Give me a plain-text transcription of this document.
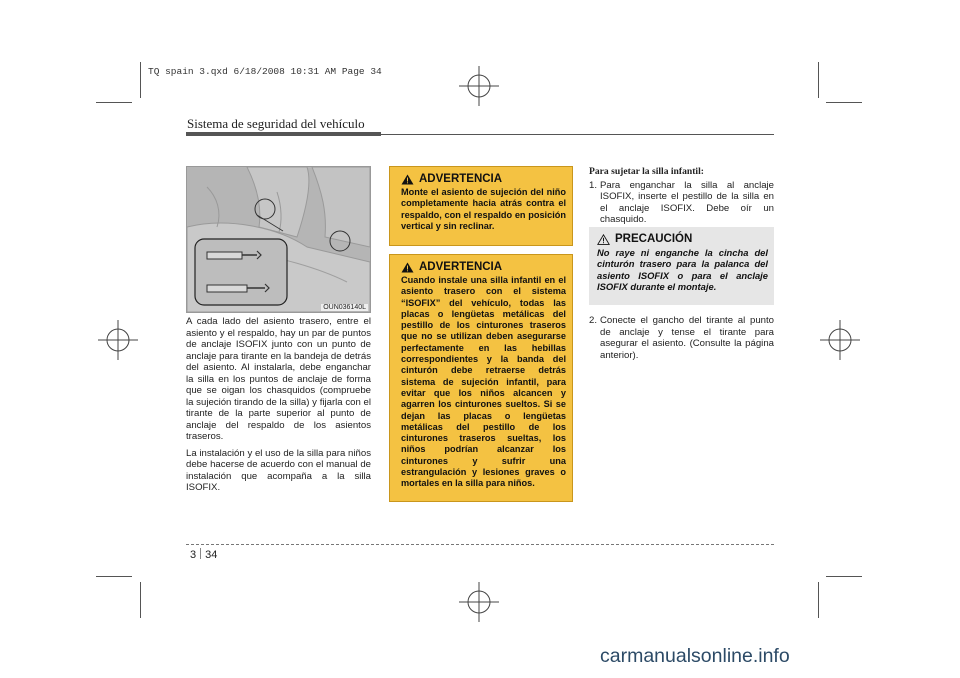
TQ spain 3.qxd 6/18/2008 10:31 AM Page 34
Sistema de seguridad del vehículo
OUN036140L

A cada lado del asiento trasero, entre el asiento y el respaldo, hay un par de puntos de anclaje ISOFIX junto con un punto de anclaje para tirante en la bandeja de detrás del asiento. Al instalarla, debe enganchar la silla en los puntos de anclaje de forma que se oigan los chasquidos (compruebe la sujeción tirando de la silla) y fijarla con el tirante de la parte superior al punto de anclaje del respaldo de los asientos traseros.

La instalación y el uso de la silla para niños debe hacerse de acuerdo con el manual de instalación que acompaña a la silla ISOFIX.

ADVERTENCIA
Monte el asiento de sujeción del niño completamente hacia atrás contra el respaldo, con el respaldo en posición vertical y sin reclinar.
ADVERTENCIA
Cuando instale una silla infantil en el asiento trasero con el sistema “ISOFIX” del vehículo, todas las placas o lengüetas metálicas del pestillo de los cinturones traseros que no se utilizan deben asegurarse perfectamente en las hebillas correspondientes y la banda del cinturón debe retraerse detrás sistema de sujeción infantil, para evitar que los niños alcancen y agarren los cinturones sueltos. Si se dejan las placas o lengüetas metálicas del pestillo de los cinturones traseros sueltas, los niños podrían alcanzar los cinturones y sufrir una estrangulación y lesiones graves o mortales en la silla para niños.
Para sujetar la silla infantil:
1. Para enganchar la silla al anclaje ISOFIX, inserte el pestillo de la silla en el anclaje ISOFIX. Debe oír un chasquido.
PRECAUCIÓN
No raye ni enganche la cincha del cinturón trasero para la palanca del asiento ISOFIX o para el anclaje ISOFIX durante el montaje.
2. Conecte el gancho del tirante al punto de anclaje y tense el tirante para asegurar el asiento. (Consulte la página anterior).
3 34
carmanualsonline.info
